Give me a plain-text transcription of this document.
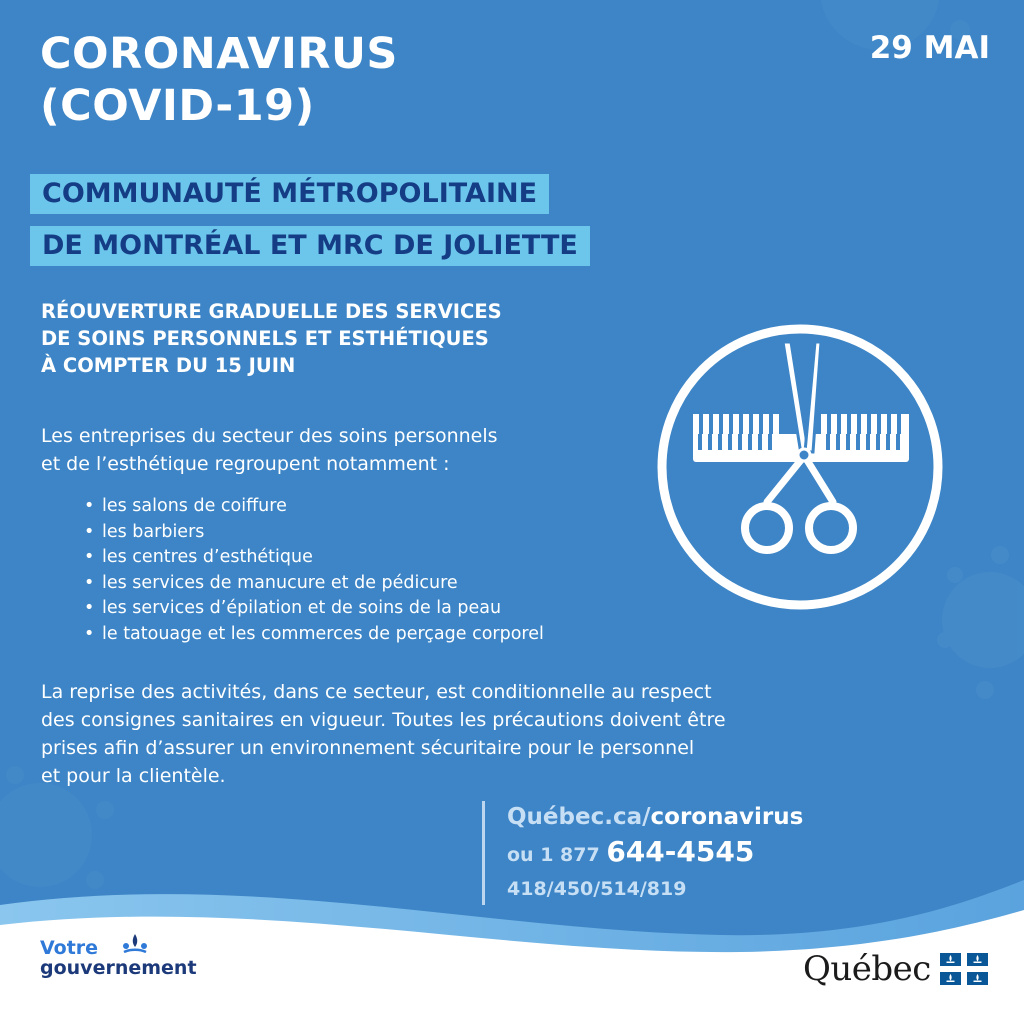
CORONAVIRUS
(COVID-19)
29 MAI
COMMUNAUTÉ MÉTROPOLITAINE
DE MONTRÉAL ET MRC DE JOLIETTE
RÉOUVERTURE GRADUELLE DES SERVICES
DE SOINS PERSONNELS ET ESTHÉTIQUES
À COMPTER DU 15 JUIN
Les entreprises du secteur des soins personnels
et de l’esthétique regroupent notamment :
• les salons de coiffure
• les barbiers
• les centres d’esthétique
• les services de manucure et de pédicure
• les services d’épilation et de soins de la peau
• le tatouage et les commerces de perçage corporel
La reprise des activités, dans ce secteur, est conditionnelle au respect
des consignes sanitaires en vigueur. Toutes les précautions doivent être
prises afin d’assurer un environnement sécuritaire pour le personnel
et pour la clientèle.
Québec.ca/coronavirus
ou 1 877 644-4545
418/450/514/819
Votre
gouvernement	Québec
